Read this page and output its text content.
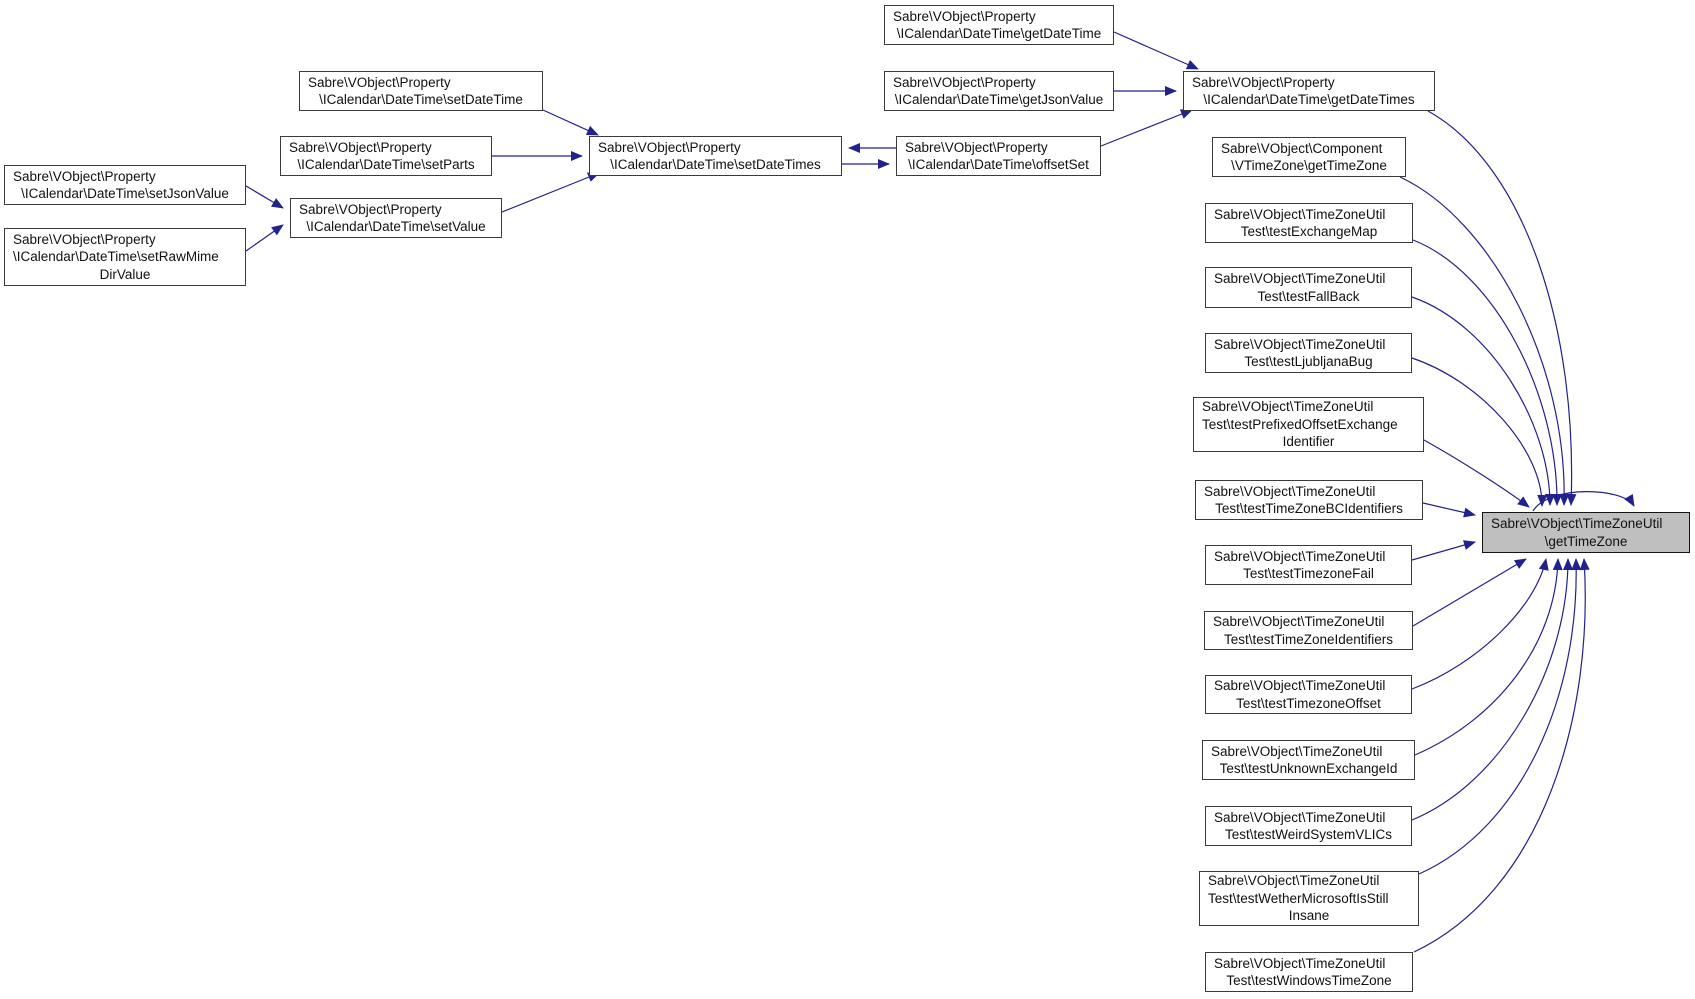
Sabre\VObject\Property
\ICalendar\DateTime\setDateTime
Sabre\VObject\Property
\ICalendar\DateTime\setParts
Sabre\VObject\Property
\ICalendar\DateTime\setJsonValue
Sabre\VObject\Property
\ICalendar\DateTime\setRawMime
DirValue
Sabre\VObject\Property
\ICalendar\DateTime\setValue
Sabre\VObject\Property
\ICalendar\DateTime\setDateTimes
Sabre\VObject\Property
\ICalendar\DateTime\getDateTime
Sabre\VObject\Property
\ICalendar\DateTime\getJsonValue
Sabre\VObject\Property
\ICalendar\DateTime\offsetSet
Sabre\VObject\Property
\ICalendar\DateTime\getDateTimes
Sabre\VObject\Component
\VTimeZone\getTimeZone
Sabre\VObject\TimeZoneUtil
Test\testExchangeMap
Sabre\VObject\TimeZoneUtil
Test\testFallBack
Sabre\VObject\TimeZoneUtil
Test\testLjubljanaBug
Sabre\VObject\TimeZoneUtil
Test\testPrefixedOffsetExchange
Identifier
Sabre\VObject\TimeZoneUtil
Test\testTimeZoneBCIdentifiers
Sabre\VObject\TimeZoneUtil
Test\testTimezoneFail
Sabre\VObject\TimeZoneUtil
Test\testTimeZoneIdentifiers
Sabre\VObject\TimeZoneUtil
Test\testTimezoneOffset
Sabre\VObject\TimeZoneUtil
Test\testUnknownExchangeId
Sabre\VObject\TimeZoneUtil
Test\testWeirdSystemVLICs
Sabre\VObject\TimeZoneUtil
Test\testWetherMicrosoftIsStill
Insane
Sabre\VObject\TimeZoneUtil
Test\testWindowsTimeZone
Sabre\VObject\TimeZoneUtil
\getTimeZone
